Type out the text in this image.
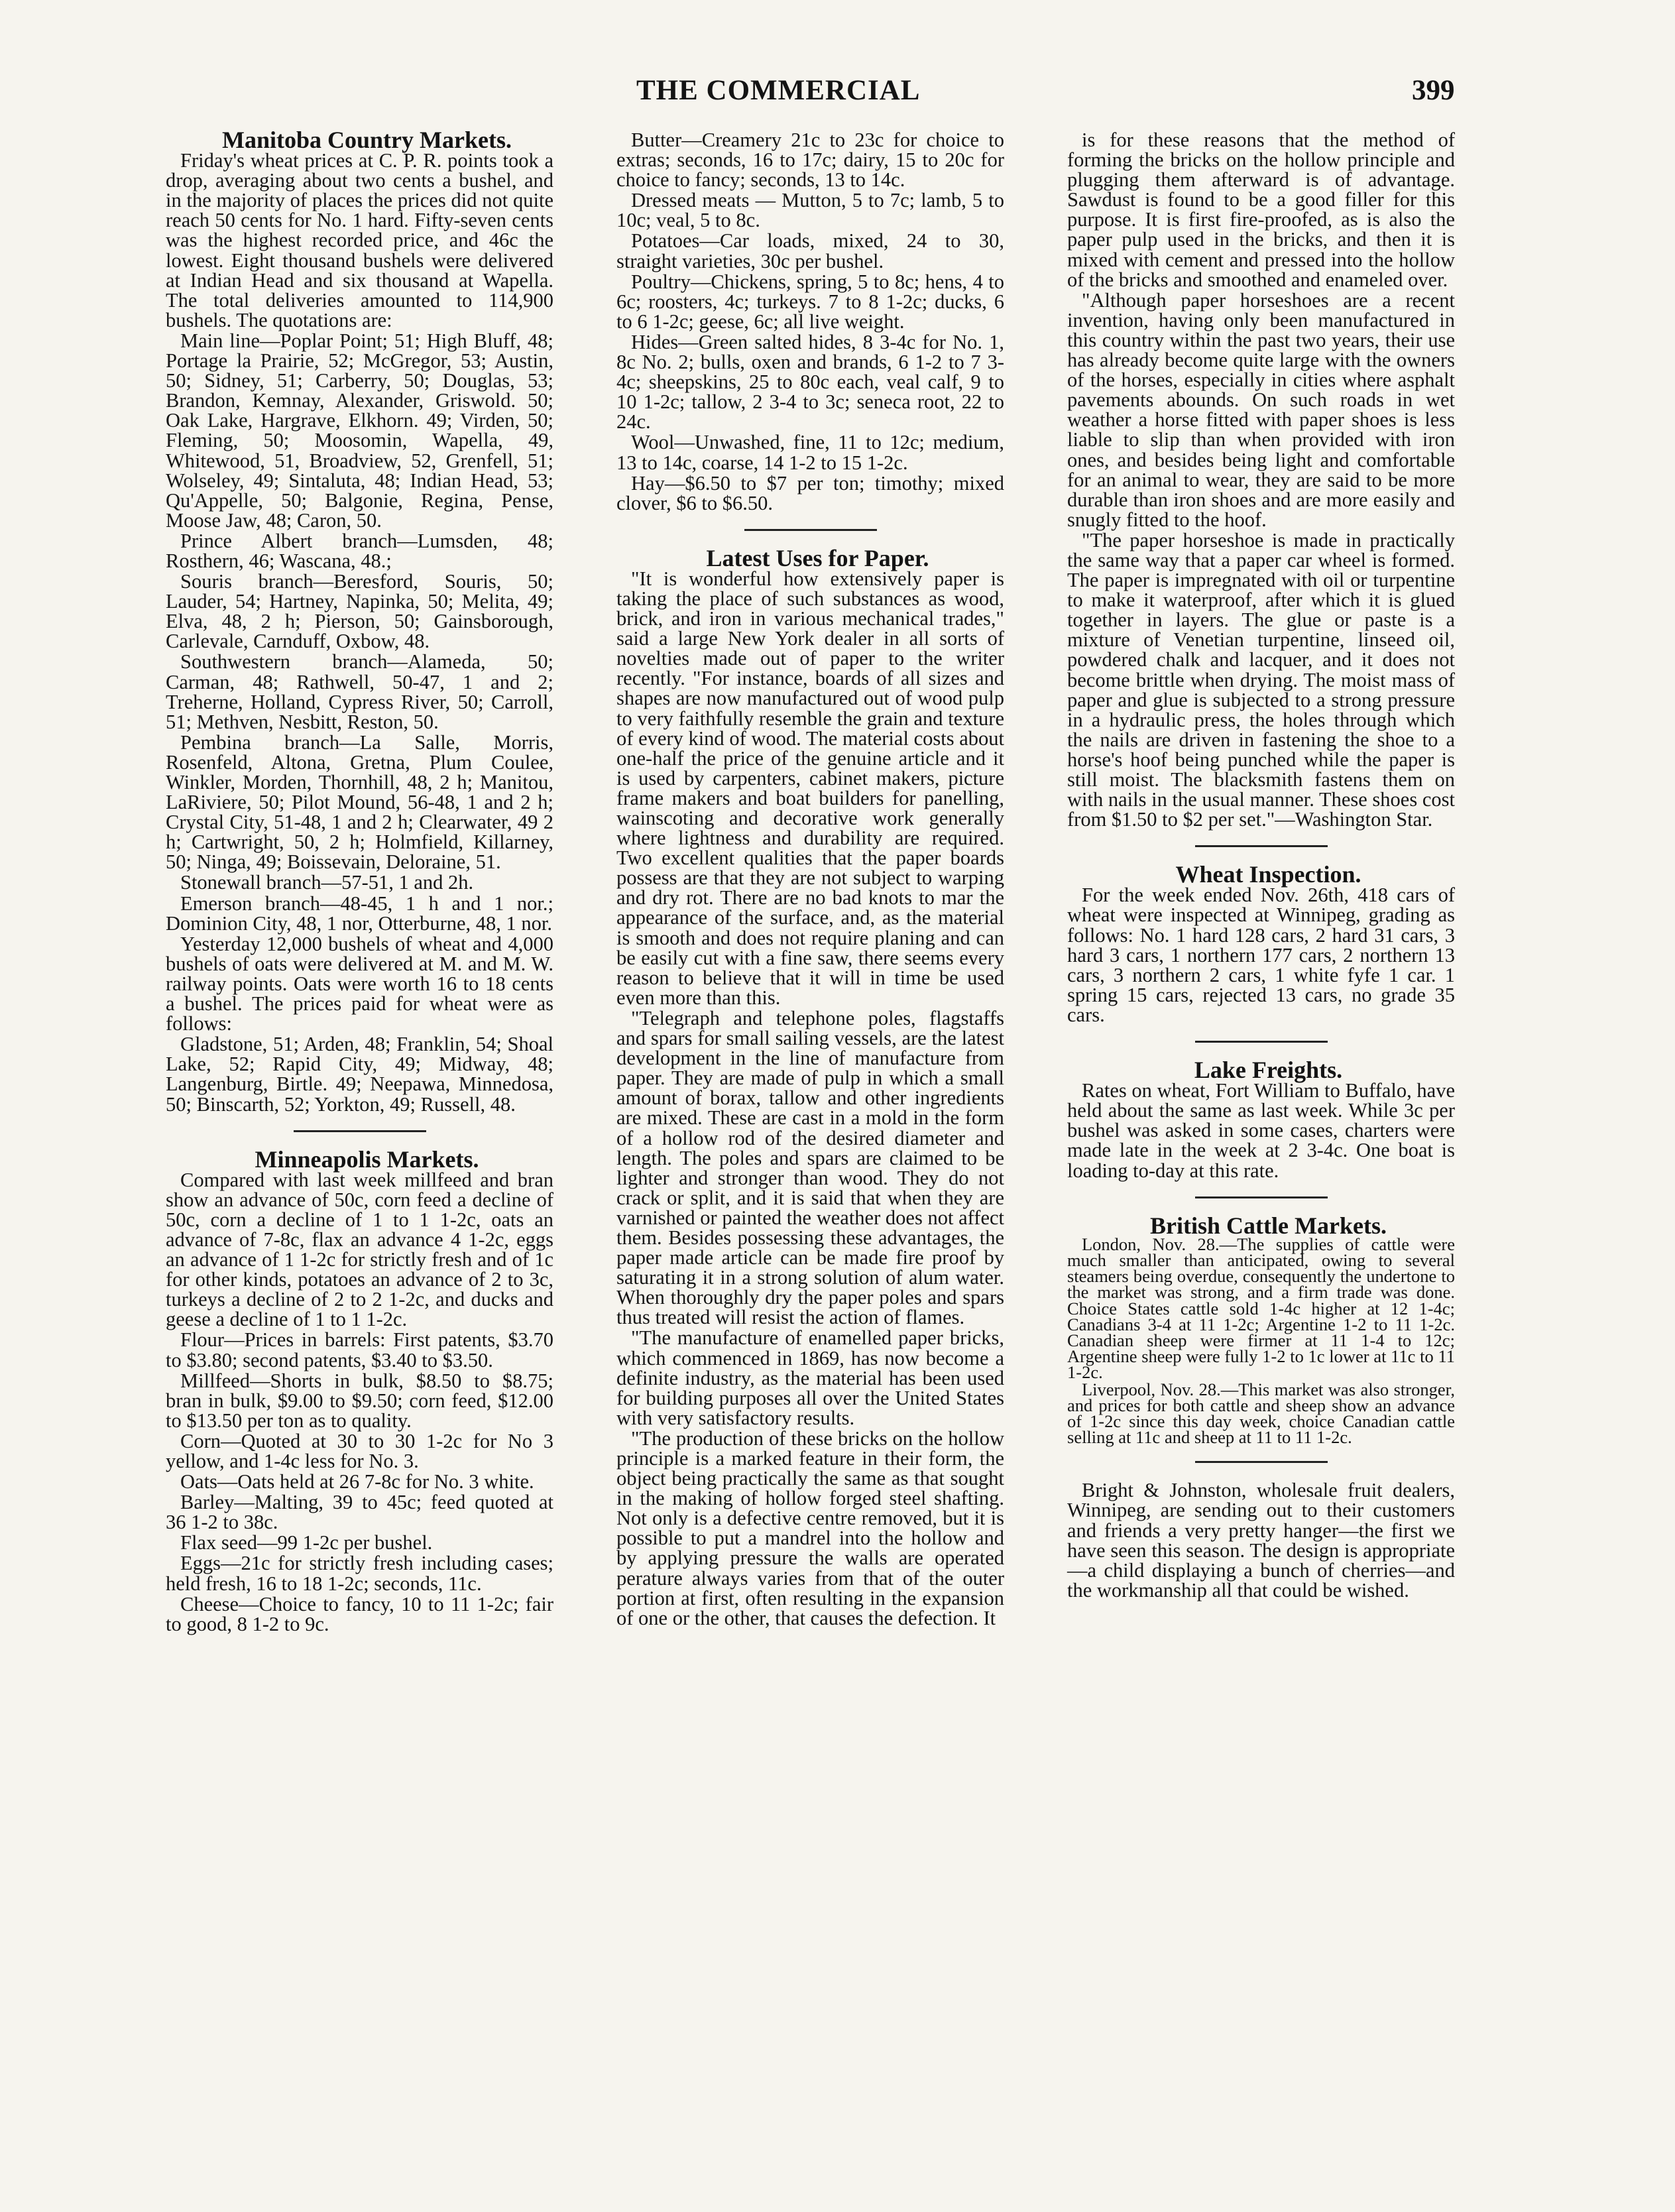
THE COMMERCIAL	399

Manitoba Country Markets.

Friday's wheat prices at C. P. R. points took a drop, averaging about two cents a bushel, and in the majority of places the prices did not quite reach 50 cents for No. 1 hard. Fifty-seven cents was the highest recorded price, and 46c the lowest. Eight thousand bushels were delivered at Indian Head and six thousand at Wapella. The total deliveries amounted to 114,900 bushels. The quotations are:

Main line—Poplar Point; 51; High Bluff, 48; Portage la Prairie, 52; McGregor, 53; Austin, 50; Sidney, 51; Carberry, 50; Douglas, 53; Brandon, Kemnay, Alexander, Griswold. 50; Oak Lake, Hargrave, Elkhorn. 49; Virden, 50; Fleming, 50; Moosomin, Wapella, 49, Whitewood, 51, Broadview, 52, Grenfell, 51; Wolseley, 49; Sintaluta, 48; Indian Head, 53; Qu'Appelle, 50; Balgonie, Regina, Pense, Moose Jaw, 48; Caron, 50.

Prince Albert branch—Lumsden, 48; Rosthern, 46; Wascana, 48.;

Souris branch—Beresford, Souris, 50; Lauder, 54; Hartney, Napinka, 50; Melita, 49; Elva, 48, 2 h; Pierson, 50; Gainsborough, Carlevale, Carnduff, Oxbow, 48.

Southwestern branch—Alameda, 50; Carman, 48; Rathwell, 50-47, 1 and 2; Treherne, Holland, Cypress River, 50; Carroll, 51; Methven, Nesbitt, Reston, 50.

Pembina branch—La Salle, Morris, Rosenfeld, Altona, Gretna, Plum Coulee, Winkler, Morden, Thornhill, 48, 2 h; Manitou, LaRiviere, 50; Pilot Mound, 56-48, 1 and 2 h; Crystal City, 51-48, 1 and 2 h; Clearwater, 49 2 h; Cartwright, 50, 2 h; Holmfield, Killarney, 50; Ninga, 49; Boissevain, Deloraine, 51.

Stonewall branch—57-51, 1 and 2h.

Emerson branch—48-45, 1 h and 1 nor.; Dominion City, 48, 1 nor, Otterburne, 48, 1 nor.

Yesterday 12,000 bushels of wheat and 4,000 bushels of oats were delivered at M. and M. W. railway points. Oats were worth 16 to 18 cents a bushel. The prices paid for wheat were as follows:

Gladstone, 51; Arden, 48; Franklin, 54; Shoal Lake, 52; Rapid City, 49; Midway, 48; Langenburg, Birtle. 49; Neepawa, Minnedosa, 50; Binscarth, 52; Yorkton, 49; Russell, 48.

Minneapolis Markets.

Compared with last week millfeed and bran show an advance of 50c, corn feed a decline of 50c, corn a decline of 1 to 1 1-2c, oats an advance of 7-8c, flax an advance 4 1-2c, eggs an advance of 1 1-2c for strictly fresh and of 1c for other kinds, potatoes an advance of 2 to 3c, turkeys a decline of 2 to 2 1-2c, and ducks and geese a decline of 1 to 1 1-2c.

Flour—Prices in barrels: First patents, $3.70 to $3.80; second patents, $3.40 to $3.50.

Millfeed—Shorts in bulk, $8.50 to $8.75; bran in bulk, $9.00 to $9.50; corn feed, $12.00 to $13.50 per ton as to quality.

Corn—Quoted at 30 to 30 1-2c for No 3 yellow, and 1-4c less for No. 3.

Oats—Oats held at 26 7-8c for No. 3 white.

Barley—Malting, 39 to 45c; feed quoted at 36 1-2 to 38c.

Flax seed—99 1-2c per bushel.

Eggs—21c for strictly fresh including cases; held fresh, 16 to 18 1-2c; seconds, 11c.

Cheese—Choice to fancy, 10 to 11 1-2c; fair to good, 8 1-2 to 9c.

Butter—Creamery 21c to 23c for choice to extras; seconds, 16 to 17c; dairy, 15 to 20c for choice to fancy; seconds, 13 to 14c.

Dressed meats — Mutton, 5 to 7c; lamb, 5 to 10c; veal, 5 to 8c.

Potatoes—Car loads, mixed, 24 to 30, straight varieties, 30c per bushel.

Poultry—Chickens, spring, 5 to 8c; hens, 4 to 6c; roosters, 4c; turkeys. 7 to 8 1-2c; ducks, 6 to 6 1-2c; geese, 6c; all live weight.

Hides—Green salted hides, 8 3-4c for No. 1, 8c No. 2; bulls, oxen and brands, 6 1-2 to 7 3-4c; sheepskins, 25 to 80c each, veal calf, 9 to 10 1-2c; tallow, 2 3-4 to 3c; seneca root, 22 to 24c.

Wool—Unwashed, fine, 11 to 12c; medium, 13 to 14c, coarse, 14 1-2 to 15 1-2c.

Hay—$6.50 to $7 per ton; timothy; mixed clover, $6 to $6.50.

Latest Uses for Paper.

"It is wonderful how extensively paper is taking the place of such substances as wood, brick, and iron in various mechanical trades," said a large New York dealer in all sorts of novelties made out of paper to the writer recently. "For instance, boards of all sizes and shapes are now manufactured out of wood pulp to very faithfully resemble the grain and texture of every kind of wood. The material costs about one-half the price of the genuine article and it is used by carpenters, cabinet makers, picture frame makers and boat builders for panelling, wainscoting and decorative work generally where lightness and durability are required. Two excellent qualities that the paper boards possess are that they are not subject to warping and dry rot. There are no bad knots to mar the appearance of the surface, and, as the material is smooth and does not require planing and can be easily cut with a fine saw, there seems every reason to believe that it will in time be used even more than this.

"Telegraph and telephone poles, flagstaffs and spars for small sailing vessels, are the latest development in the line of manufacture from paper. They are made of pulp in which a small amount of borax, tallow and other ingredients are mixed. These are cast in a mold in the form of a hollow rod of the desired diameter and length. The poles and spars are claimed to be lighter and stronger than wood. They do not crack or split, and it is said that when they are varnished or painted the weather does not affect them. Besides possessing these advantages, the paper made article can be made fire proof by saturating it in a strong solution of alum water. When thoroughly dry the paper poles and spars thus treated will resist the action of flames.

"The manufacture of enamelled paper bricks, which commenced in 1869, has now become a definite industry, as the material has been used for building purposes all over the United States with very satisfactory results.

"The production of these bricks on the hollow principle is a marked feature in their form, the object being practically the same as that sought in the making of hollow forged steel shafting. Not only is a defective centre removed, but it is possible to put a mandrel into the hollow and by applying pressure the walls are operated perature always varies from that of the outer portion at first, often resulting in the expansion of one or the other, that causes the defection. It

is for these reasons that the method of forming the bricks on the hollow principle and plugging them afterward is of advantage. Sawdust is found to be a good filler for this purpose. It is first fire-proofed, as is also the paper pulp used in the bricks, and then it is mixed with cement and pressed into the hollow of the bricks and smoothed and enameled over.

"Although paper horseshoes are a recent invention, having only been manufactured in this country within the past two years, their use has already become quite large with the owners of the horses, especially in cities where asphalt pavements abounds. On such roads in wet weather a horse fitted with paper shoes is less liable to slip than when provided with iron ones, and besides being light and comfortable for an animal to wear, they are said to be more durable than iron shoes and are more easily and snugly fitted to the hoof.

"The paper horseshoe is made in practically the same way that a paper car wheel is formed. The paper is impregnated with oil or turpentine to make it waterproof, after which it is glued together in layers. The glue or paste is a mixture of Venetian turpentine, linseed oil, powdered chalk and lacquer, and it does not become brittle when drying. The moist mass of paper and glue is subjected to a strong pressure in a hydraulic press, the holes through which the nails are driven in fastening the shoe to a horse's hoof being punched while the paper is still moist. The blacksmith fastens them on with nails in the usual manner. These shoes cost from $1.50 to $2 per set."—Washington Star.

Wheat Inspection.

For the week ended Nov. 26th, 418 cars of wheat were inspected at Winnipeg, grading as follows: No. 1 hard 128 cars, 2 hard 31 cars, 3 hard 3 cars, 1 northern 177 cars, 2 northern 13 cars, 3 northern 2 cars, 1 white fyfe 1 car. 1 spring 15 cars, rejected 13 cars, no grade 35 cars.

Lake Freights.

Rates on wheat, Fort William to Buffalo, have held about the same as last week. While 3c per bushel was asked in some cases, charters were made late in the week at 2 3-4c. One boat is loading to-day at this rate.

British Cattle Markets.

London, Nov. 28.—The supplies of cattle were much smaller than anticipated, owing to several steamers being overdue, consequently the undertone to the market was strong, and a firm trade was done. Choice States cattle sold 1-4c higher at 12 1-4c; Canadians 3-4 at 11 1-2c; Argentine 1-2 to 11 1-2c. Canadian sheep were firmer at 11 1-4 to 12c; Argentine sheep were fully 1-2 to 1c lower at 11c to 11 1-2c.

Liverpool, Nov. 28.—This market was also stronger, and prices for both cattle and sheep show an advance of 1-2c since this day week, choice Canadian cattle selling at 11c and sheep at 11 to 11 1-2c.

Bright & Johnston, wholesale fruit dealers, Winnipeg, are sending out to their customers and friends a very pretty hanger—the first we have seen this season. The design is appropriate—a child displaying a bunch of cherries—and the workmanship all that could be wished.
